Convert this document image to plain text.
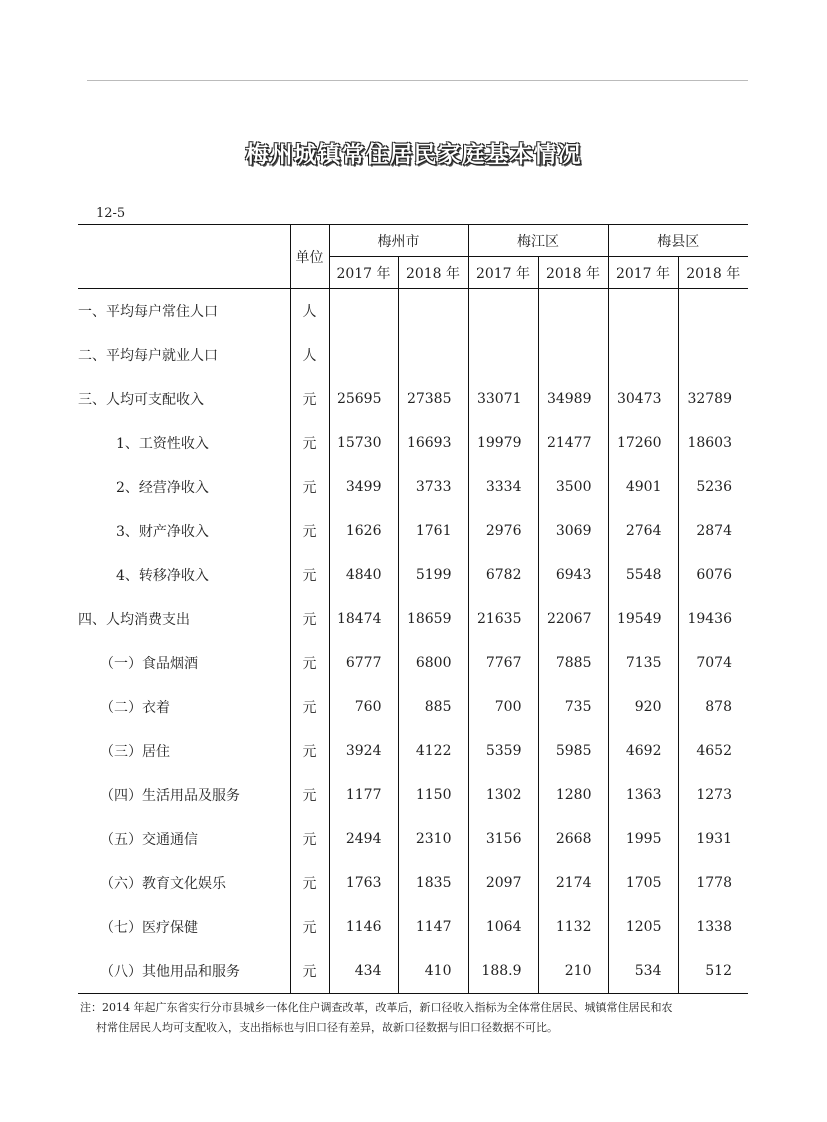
梅州城镇常住居民家庭基本情况
12-5
	单位	梅州市		梅江区		梅县区	
		2017 年	2018 年	2017 年	2018 年	2017 年	2018 年
一、平均每户常住人口	人						
二、平均每户就业人口	人						
三、人均可支配收入	元	25695	27385	33071	34989	30473	32789
1、工资性收入	元	15730	16693	19979	21477	17260	18603
2、经营净收入	元	3499	3733	3334	3500	4901	5236
3、财产净收入	元	1626	1761	2976	3069	2764	2874
4、转移净收入	元	4840	5199	6782	6943	5548	6076
四、人均消费支出	元	18474	18659	21635	22067	19549	19436
（一）食品烟酒	元	6777	6800	7767	7885	7135	7074
（二）衣着	元	760	885	700	735	920	878
（三）居住	元	3924	4122	5359	5985	4692	4652
（四）生活用品及服务	元	1177	1150	1302	1280	1363	1273
（五）交通通信	元	2494	2310	3156	2668	1995	1931
（六）教育文化娱乐	元	1763	1835	2097	2174	1705	1778
（七）医疗保健	元	1146	1147	1064	1132	1205	1338
（八）其他用品和服务	元	434	410	188.9	210	534	512
注：2014 年起广东省实行分市县城乡一体化住户调查改革，改革后，新口径收入指标为全体常住居民、城镇常住居民和农
村常住居民人均可支配收入，支出指标也与旧口径有差异，故新口径数据与旧口径数据不可比。
